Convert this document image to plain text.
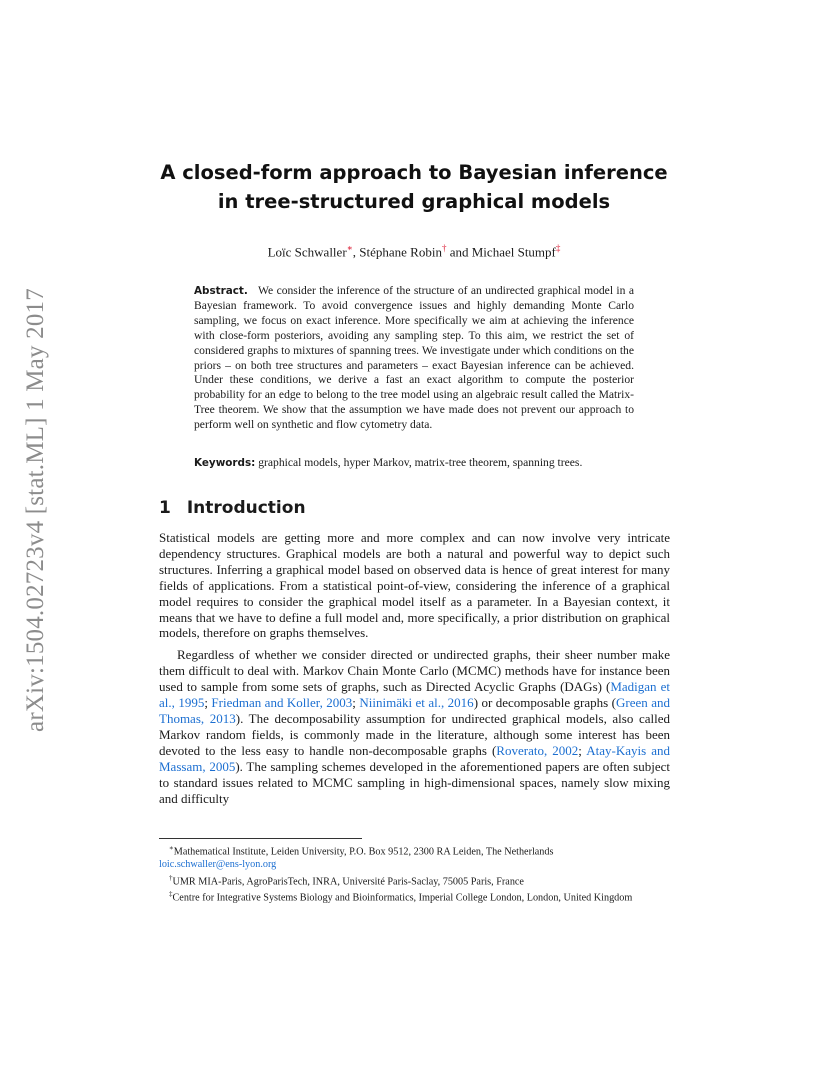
arXiv:1504.02723v4 [stat.ML] 1 May 2017
A closed-form approach to Bayesian inference
in tree-structured graphical models
Loïc Schwaller∗, Stéphane Robin† and Michael Stumpf‡
Abstract. We consider the inference of the structure of an undirected graphical model in a Bayesian framework. To avoid convergence issues and highly demanding Monte Carlo sampling, we focus on exact inference. More specifically we aim at achieving the inference with close-form posteriors, avoiding any sampling step. To this aim, we restrict the set of considered graphs to mixtures of spanning trees. We investigate under which conditions on the priors – on both tree structures and parameters – exact Bayesian inference can be achieved. Under these conditions, we derive a fast an exact algorithm to compute the posterior probability for an edge to belong to the tree model using an algebraic result called the Matrix-Tree theorem. We show that the assumption we have made does not prevent our approach to perform well on synthetic and flow cytometry data.
Keywords: graphical models, hyper Markov, matrix-tree theorem, spanning trees.
1 Introduction

Statistical models are getting more and more complex and can now involve very intricate dependency structures. Graphical models are both a natural and powerful way to depict such structures. Inferring a graphical model based on observed data is hence of great interest for many fields of applications. From a statistical point-of-view, considering the inference of a graphical model requires to consider the graphical model itself as a parameter. In a Bayesian context, it means that we have to define a full model and, more specifically, a prior distribution on graphical models, therefore on graphs themselves.

Regardless of whether we consider directed or undirected graphs, their sheer number make them difficult to deal with. Markov Chain Monte Carlo (MCMC) methods have for instance been used to sample from some sets of graphs, such as Directed Acyclic Graphs (DAGs) (Madigan et al., 1995; Friedman and Koller, 2003; Niinimäki et al., 2016) or decomposable graphs (Green and Thomas, 2013). The decomposability assumption for undirected graphical models, also called Markov random fields, is commonly made in the literature, although some interest has been devoted to the less easy to handle non-decomposable graphs (Roverato, 2002; Atay-Kayis and Massam, 2005). The sampling schemes developed in the aforementioned papers are often subject to standard issues related to MCMC sampling in high-dimensional spaces, namely slow mixing and difficulty

∗Mathematical Institute, Leiden University, P.O. Box 9512, 2300 RA Leiden, The Netherlands
loic.schwaller@ens-lyon.org
†UMR MIA-Paris, AgroParisTech, INRA, Université Paris-Saclay, 75005 Paris, France
‡Centre for Integrative Systems Biology and Bioinformatics, Imperial College London, London, United Kingdom
